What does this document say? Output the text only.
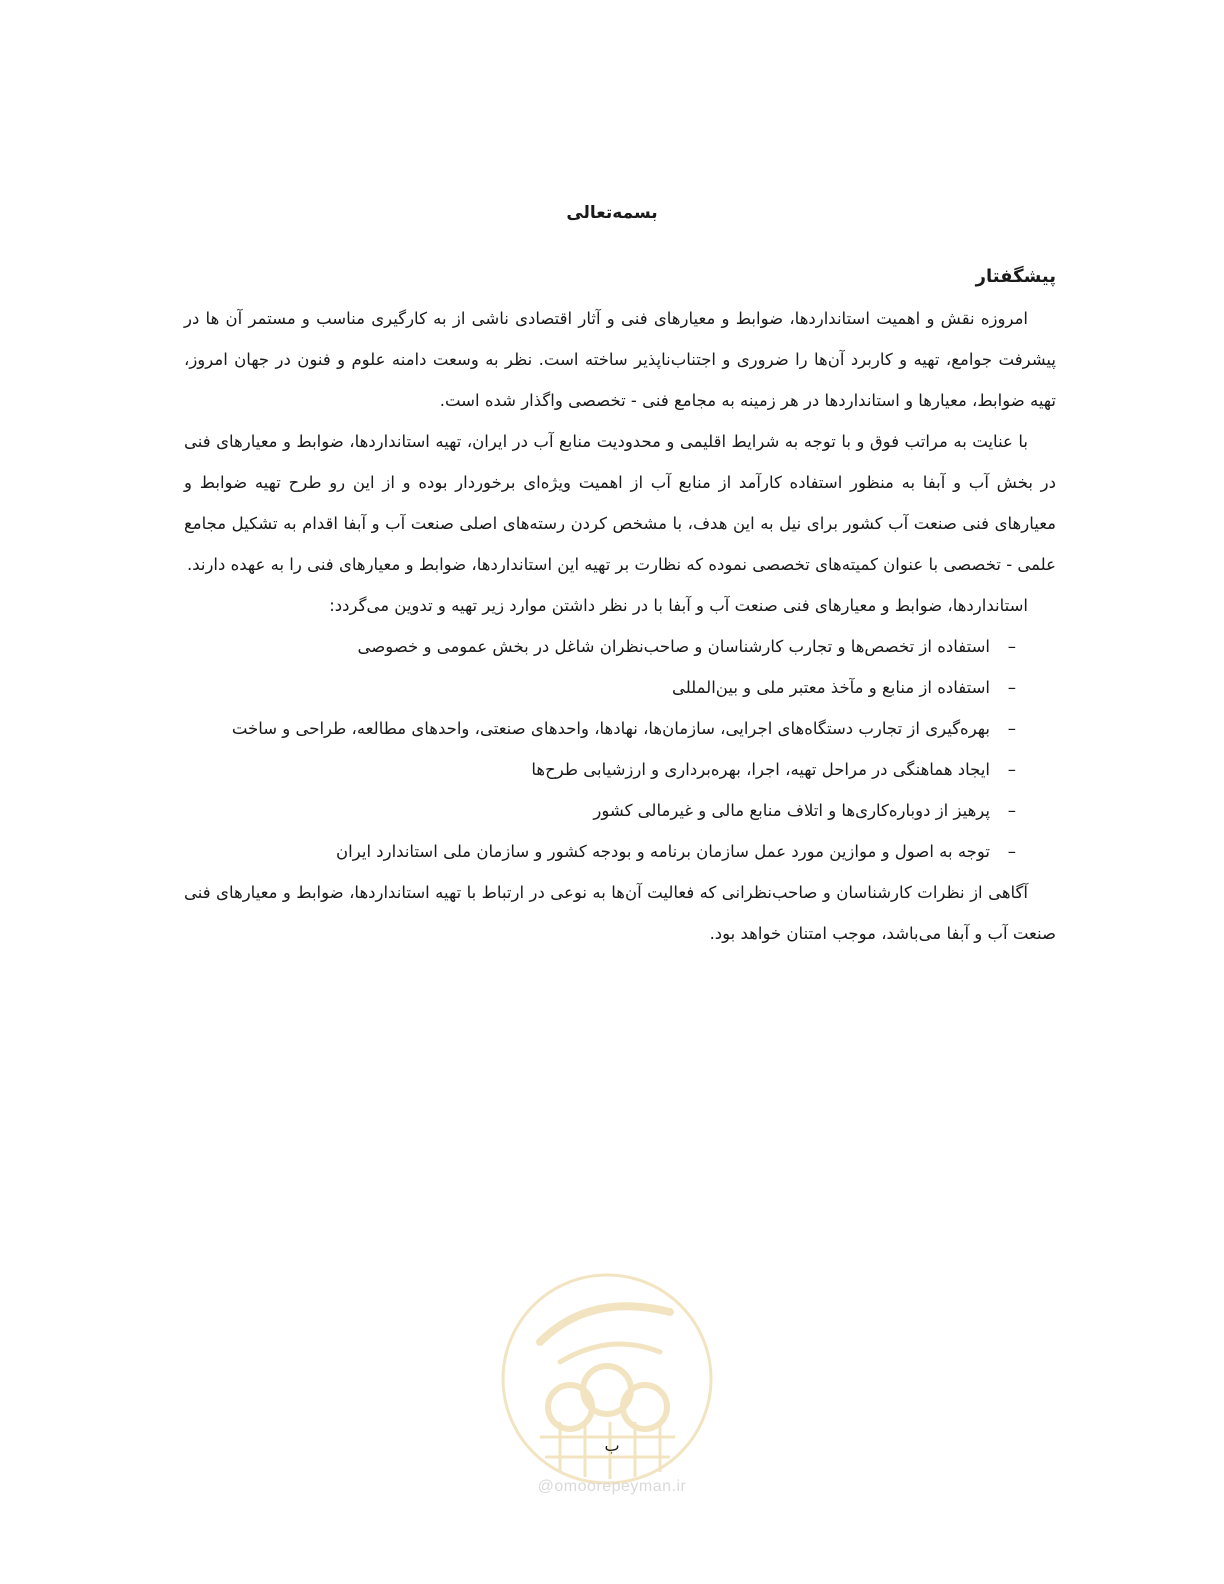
بسمه‌تعالی
پیشگفتار

امروزه نقش و اهمیت استانداردها، ضوابط و معیارهای فنی و آثار اقتصادی ناشی از به کارگیری مناسب و مستمر آن ها در پیشرفت جوامع، تهیه و کاربرد آن‌ها را ضروری و اجتناب‌ناپذیر ساخته است. نظر به وسعت دامنه علوم و فنون در جهان امروز، تهیه ضوابط، معیارها و استانداردها در هر زمینه به مجامع فنی - تخصصی واگذار شده است.

با عنایت به مراتب فوق و با توجه به شرایط اقلیمی و محدودیت منابع آب در ایران، تهیه استانداردها، ضوابط و معیارهای فنی در بخش آب و آبفا به منظور استفاده کارآمد از منابع آب از اهمیت ویژه‌ای برخوردار بوده و از این رو طرح تهیه ضوابط و معیارهای فنی صنعت آب کشور برای نیل به این هدف، با مشخص کردن رسته‌های اصلی صنعت آب و آبفا اقدام به تشکیل مجامع علمی - تخصصی با عنوان کمیته‌های تخصصی نموده که نظارت بر تهیه این استانداردها، ضوابط و معیارهای فنی را به عهده دارند.

استانداردها، ضوابط و معیارهای فنی صنعت آب و آبفا با در نظر داشتن موارد زیر تهیه و تدوین می‌گردد:

–
استفاده از تخصص‌ها و تجارب کارشناسان و صاحب‌نظران شاغل در بخش عمومی و خصوصی
–
استفاده از منابع و مآخذ معتبر ملی و بین‌المللی
–
بهره‌گیری از تجارب دستگاه‌های اجرایی، سازمان‌ها، نهادها، واحدهای صنعتی، واحدهای مطالعه، طراحی و ساخت
–
ایجاد هماهنگی در مراحل تهیه، اجرا، بهره‌برداری و ارزشیابی طرح‌ها
–
پرهیز از دوباره‌کاری‌ها و اتلاف منابع مالی و غیرمالی کشور
–
توجه به اصول و موازین مورد عمل سازمان برنامه و بودجه کشور و سازمان ملی استاندارد ایران

آگاهی از نظرات کارشناسان و صاحب‌نظرانی که فعالیت آن‌ها به نوعی در ارتباط با تهیه استانداردها، ضوابط و معیارهای فنی صنعت آب و آبفا می‌باشد، موجب امتنان خواهد بود.

ب
@omoorepeyman.ir
